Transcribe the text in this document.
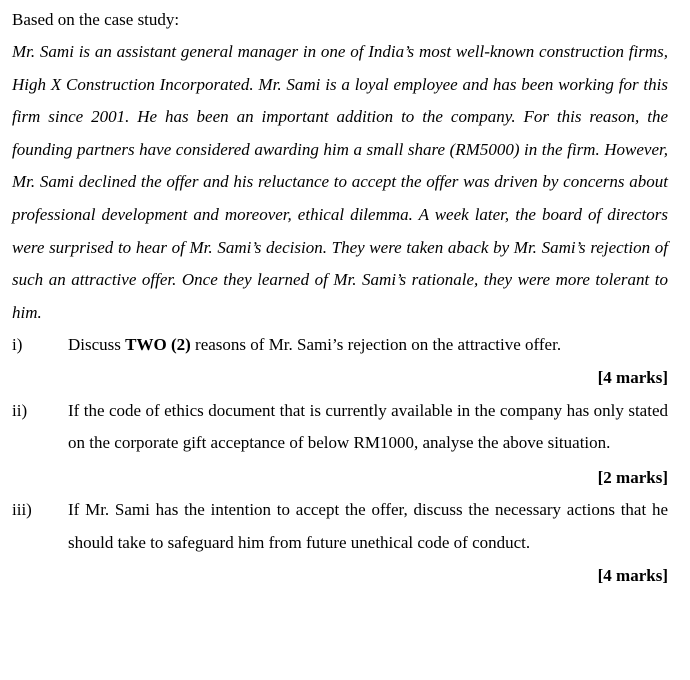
Based on the case study:

Mr. Sami is an assistant general manager in one of India’s most well-known construction firms, High X Construction Incorporated. Mr. Sami is a loyal employee and has been working for this firm since 2001. He has been an important addition to the company. For this reason, the founding partners have considered awarding him a small share (RM5000) in the firm. However, Mr. Sami declined the offer and his reluctance to accept the offer was driven by concerns about professional development and moreover, ethical dilemma. A week later, the board of directors were surprised to hear of Mr. Sami’s decision. They were taken aback by Mr. Sami’s rejection of such an attractive offer. Once they learned of Mr. Sami’s rationale, they were more tolerant to him.

i)	Discuss TWO (2) reasons of Mr. Sami’s rejection on the attractive offer.

[4 marks]

ii)	If the code of ethics document that is currently available in the company has only stated on the corporate gift acceptance of below RM1000, analyse the above situation.

[2 marks]

iii)	If Mr. Sami has the intention to accept the offer, discuss the necessary actions that he should take to safeguard him from future unethical code of conduct.

[4 marks]
